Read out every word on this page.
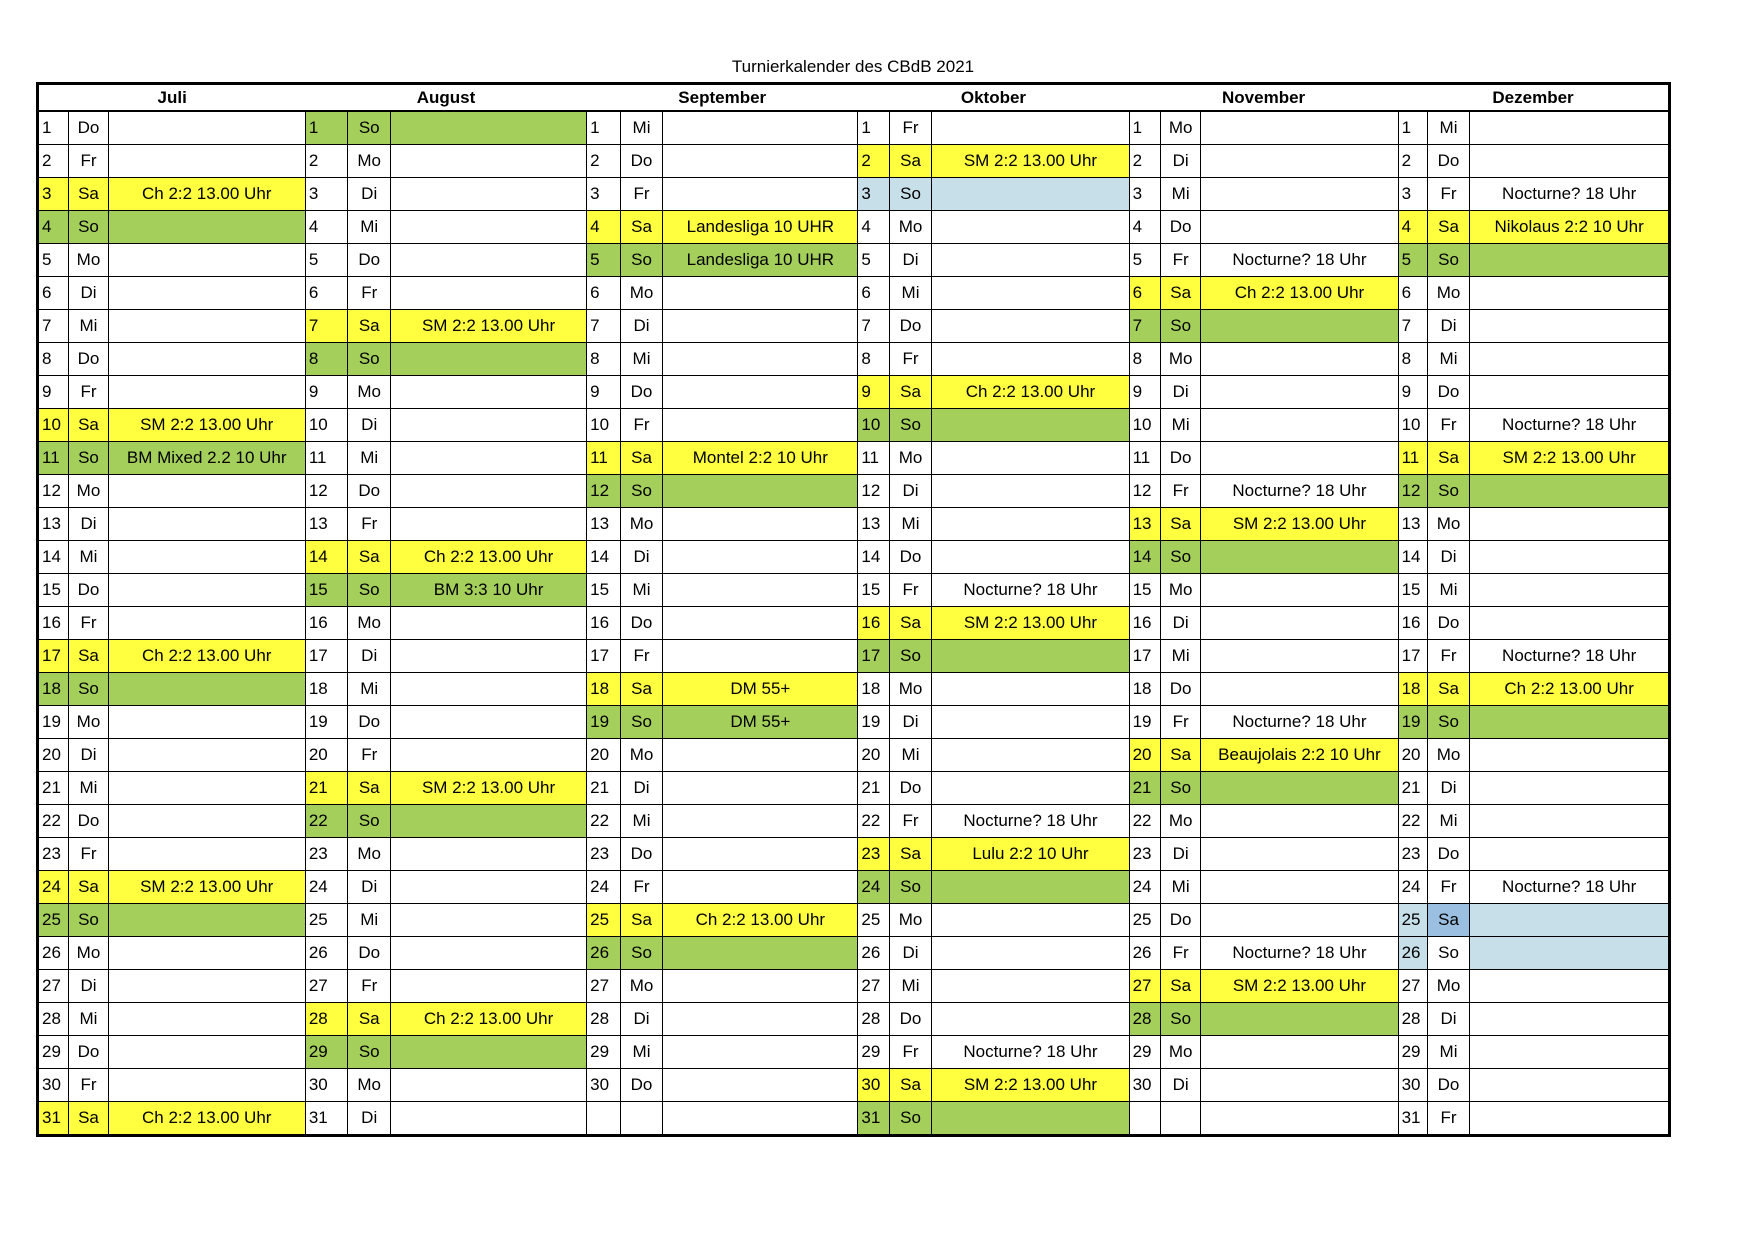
Turnierkalender des CBdB 2021
Juli			August			September			Oktober			November			Dezember		
1	Do		1	So		1	Mi		1	Fr		1	Mo		1	Mi	
2	Fr		2	Mo		2	Do		2	Sa	SM 2:2 13.00 Uhr	2	Di		2	Do	
3	Sa	Ch 2:2 13.00 Uhr	3	Di		3	Fr		3	So		3	Mi		3	Fr	Nocturne? 18 Uhr
4	So		4	Mi		4	Sa	Landesliga 10 UHR	4	Mo		4	Do		4	Sa	Nikolaus 2:2 10 Uhr
5	Mo		5	Do		5	So	Landesliga 10 UHR	5	Di		5	Fr	Nocturne? 18 Uhr	5	So	
6	Di		6	Fr		6	Mo		6	Mi		6	Sa	Ch 2:2 13.00 Uhr	6	Mo	
7	Mi		7	Sa	SM 2:2 13.00 Uhr	7	Di		7	Do		7	So		7	Di	
8	Do		8	So		8	Mi		8	Fr		8	Mo		8	Mi	
9	Fr		9	Mo		9	Do		9	Sa	Ch 2:2 13.00 Uhr	9	Di		9	Do	
10	Sa	SM 2:2 13.00 Uhr	10	Di		10	Fr		10	So		10	Mi		10	Fr	Nocturne? 18 Uhr
11	So	BM Mixed 2.2 10 Uhr	11	Mi		11	Sa	Montel 2:2 10 Uhr	11	Mo		11	Do		11	Sa	SM 2:2 13.00 Uhr
12	Mo		12	Do		12	So		12	Di		12	Fr	Nocturne? 18 Uhr	12	So	
13	Di		13	Fr		13	Mo		13	Mi		13	Sa	SM 2:2 13.00 Uhr	13	Mo	
14	Mi		14	Sa	Ch 2:2 13.00 Uhr	14	Di		14	Do		14	So		14	Di	
15	Do		15	So	BM 3:3 10 Uhr	15	Mi		15	Fr	Nocturne? 18 Uhr	15	Mo		15	Mi	
16	Fr		16	Mo		16	Do		16	Sa	SM 2:2 13.00 Uhr	16	Di		16	Do	
17	Sa	Ch 2:2 13.00 Uhr	17	Di		17	Fr		17	So		17	Mi		17	Fr	Nocturne? 18 Uhr
18	So		18	Mi		18	Sa	DM 55+	18	Mo		18	Do		18	Sa	Ch 2:2 13.00 Uhr
19	Mo		19	Do		19	So	DM 55+	19	Di		19	Fr	Nocturne? 18 Uhr	19	So	
20	Di		20	Fr		20	Mo		20	Mi		20	Sa	Beaujolais 2:2 10 Uhr	20	Mo	
21	Mi		21	Sa	SM 2:2 13.00 Uhr	21	Di		21	Do		21	So		21	Di	
22	Do		22	So		22	Mi		22	Fr	Nocturne? 18 Uhr	22	Mo		22	Mi	
23	Fr		23	Mo		23	Do		23	Sa	Lulu 2:2 10 Uhr	23	Di		23	Do	
24	Sa	SM 2:2 13.00 Uhr	24	Di		24	Fr		24	So		24	Mi		24	Fr	Nocturne? 18 Uhr
25	So		25	Mi		25	Sa	Ch 2:2 13.00 Uhr	25	Mo		25	Do		25	Sa	
26	Mo		26	Do		26	So		26	Di		26	Fr	Nocturne? 18 Uhr	26	So	
27	Di		27	Fr		27	Mo		27	Mi		27	Sa	SM 2:2 13.00 Uhr	27	Mo	
28	Mi		28	Sa	Ch 2:2 13.00 Uhr	28	Di		28	Do		28	So		28	Di	
29	Do		29	So		29	Mi		29	Fr	Nocturne? 18 Uhr	29	Mo		29	Mi	
30	Fr		30	Mo		30	Do		30	Sa	SM 2:2 13.00 Uhr	30	Di		30	Do	
31	Sa	Ch 2:2 13.00 Uhr	31	Di					31	So					31	Fr	
